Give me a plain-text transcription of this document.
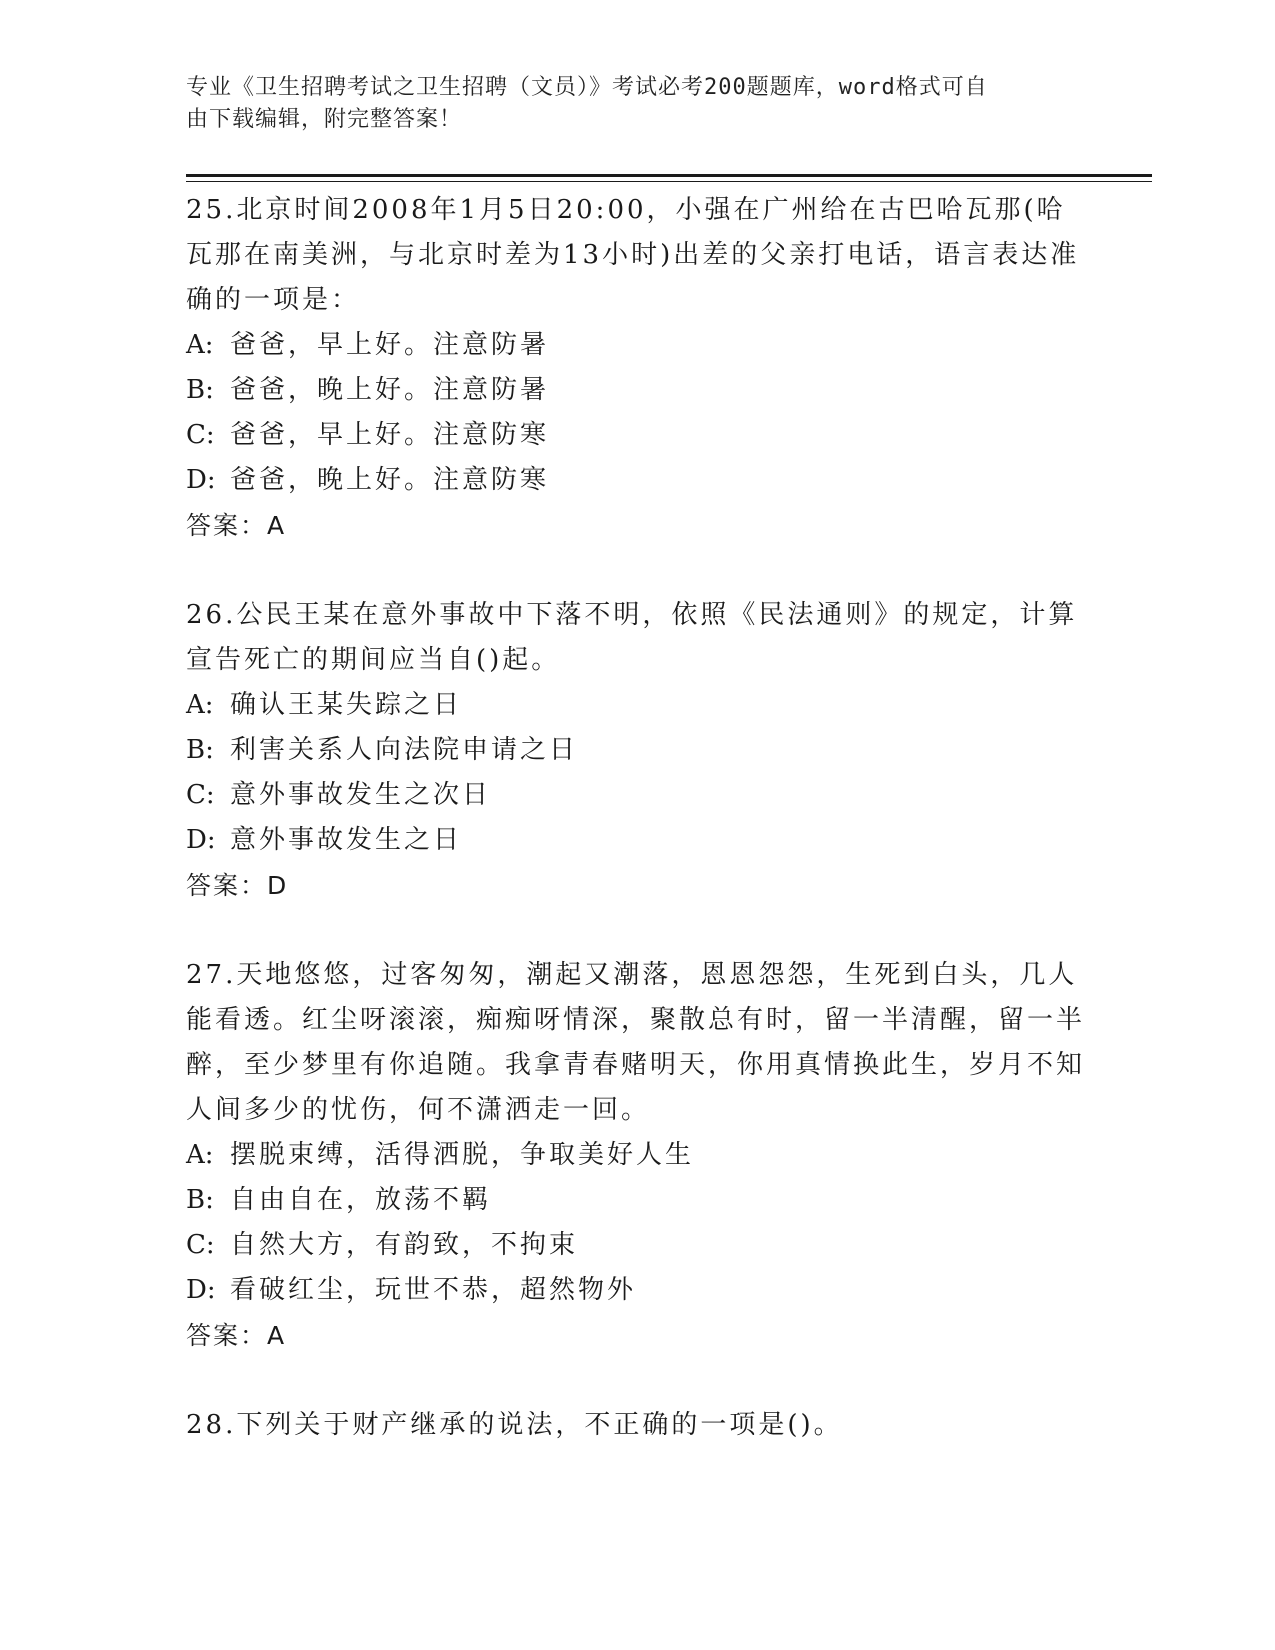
专业《卫生招聘考试之卫生招聘（文员）》考试必考200题题库，word格式可自
由下载编辑，附完整答案！

25.北京时间2008年1月5日20:00，小强在广州给在古巴哈瓦那(哈瓦那在南美洲，与北京时差为13小时)出差的父亲打电话，语言表达准确的一项是：

A: 爸爸，早上好。注意防暑

B: 爸爸，晚上好。注意防暑

C: 爸爸，早上好。注意防寒

D: 爸爸，晚上好。注意防寒

答案：A

26.公民王某在意外事故中下落不明，依照《民法通则》的规定，计算宣告死亡的期间应当自()起。

A: 确认王某失踪之日

B: 利害关系人向法院申请之日

C: 意外事故发生之次日

D: 意外事故发生之日

答案：D

27.天地悠悠，过客匆匆，潮起又潮落，恩恩怨怨，生死到白头，几人能看透。红尘呀滚滚，痴痴呀情深，聚散总有时，留一半清醒，留一半醉，至少梦里有你追随。我拿青春赌明天，你用真情换此生，岁月不知人间多少的忧伤，何不潇洒走一回。

A: 摆脱束缚，活得洒脱，争取美好人生

B: 自由自在，放荡不羁

C: 自然大方，有韵致，不拘束

D: 看破红尘，玩世不恭，超然物外

答案：A

28.下列关于财产继承的说法，不正确的一项是()。
